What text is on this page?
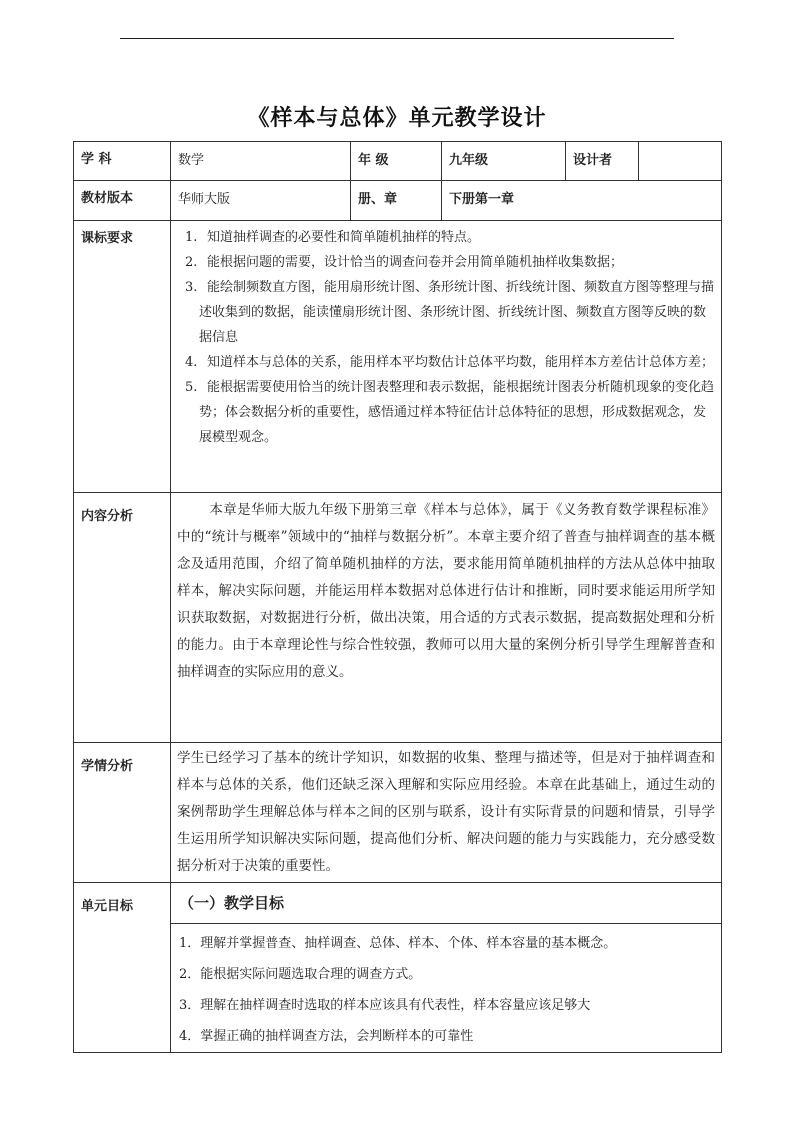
《样本与总体》单元教学设计
学 科	数学	年 级	九年级	设计者	
教材版本	华师大版	册、章	下册第一章		
课标要求	1. 知道抽样调查的必要性和简单随机抽样的特点。

2. 能根据问题的需要，设计恰当的调查问卷并会用简单随机抽样收集数据；

3. 能绘制频数直方图，能用扇形统计图、条形统计图、折线统计图、频数直方图等整理与描述收集到的数据，能读懂扇形统计图、条形统计图、折线统计图、频数直方图等反映的数据信息

4. 知道样本与总体的关系，能用样本平均数估计总体平均数，能用样本方差估计总体方差；

5. 能根据需要使用恰当的统计图表整理和表示数据，能根据统计图表分析随机现象的变化趋势；体会数据分析的重要性，感悟通过样本特征估计总体特征的思想，形成数据观念，发展模型观念。				

内容分析	本章是华师大版九年级下册第三章《样本与总体》，属于《义务教育数学课程标准》中的“统计与概率”领域中的“抽样与数据分析”。本章主要介绍了普查与抽样调查的基本概念及适用范围，介绍了简单随机抽样的方法，要求能用简单随机抽样的方法从总体中抽取样本，解决实际问题，并能运用样本数据对总体进行估计和推断，同时要求能运用所学知识获取数据，对数据进行分析，做出决策，用合适的方式表示数据，提高数据处理和分析的能力。由于本章理论性与综合性较强，教师可以用大量的案例分析引导学生理解普查和抽样调查的实际应用的意义。				

学情分析	学生已经学习了基本的统计学知识，如数据的收集、整理与描述等，但是对于抽样调查和样本与总体的关系，他们还缺乏深入理解和实际应用经验。本章在此基础上，通过生动的案例帮助学生理解总体与样本之间的区别与联系，设计有实际背景的问题和情景，引导学生运用所学知识解决实际问题，提高他们分析、解决问题的能力与实践能力，充分感受数据分析对于决策的重要性。				

单元目标	（一）教学目标

1．理解并掌握普查、抽样调查、总体、样本、个体、样本容量的基本概念。

2．能根据实际问题选取合理的调查方式。

3．理解在抽样调查时选取的样本应该具有代表性，样本容量应该足够大

4．掌握正确的抽样调查方法，会判断样本的可靠性				
